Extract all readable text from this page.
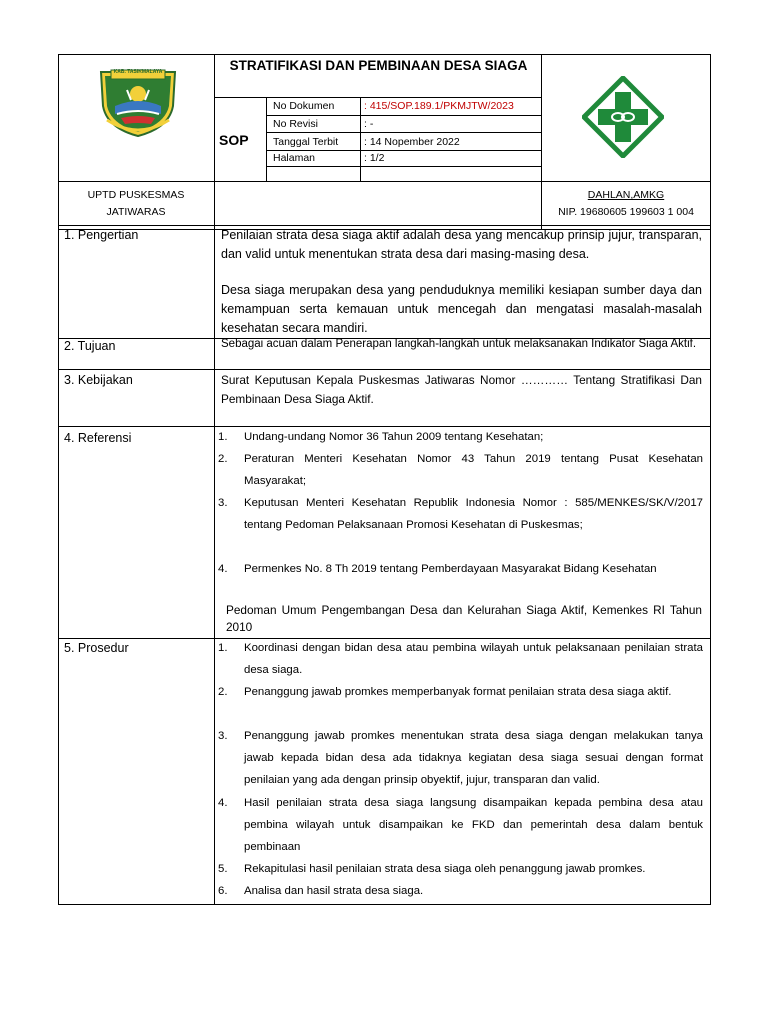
KAB. TASIKMALAYA	STRATIFIKASI DAN PEMBINAAN DESA SIAGA
SOP
No Dokumen	: 415/SOP.189.1/PKMJTW/2023
No Revisi	: -
Tanggal Terbit : 14 Nopember 2022
Halaman	: 1/2
UPTD PUSKESMAS
JATIWARAS
DAHLAN,AMKG
NIP. 19680605 199603 1 004
1. Pengertian	Penilaian strata desa siaga aktif adalah desa yang mencakup prinsip jujur, transparan, dan valid untuk menentukan strata desa dari masing-masing desa.
Desa siaga merupakan desa yang penduduknya memiliki kesiapan sumber daya dan kemampuan serta kemauan untuk mencegah dan mengatasi masalah-masalah kesehatan secara mandiri.
2. Tujuan	Sebagai acuan dalam Penerapan langkah-langkah untuk melaksanakan Indikator Siaga Aktif.
3. Kebijakan	Surat Keputusan Kepala Puskesmas Jatiwaras Nomor ………… Tentang Stratifikasi Dan Pembinaan Desa Siaga Aktif.
4. Referensi	1. Undang-undang Nomor 36 Tahun 2009 tentang Kesehatan;
2. Peraturan Menteri Kesehatan Nomor 43 Tahun 2019 tentang Pusat Kesehatan Masyarakat;
3. Keputusan Menteri Kesehatan Republik Indonesia Nomor : 585/MENKES/SK/V/2017 tentang Pedoman Pelaksanaan Promosi Kesehatan di Puskesmas;
4. Permenkes No. 8 Th 2019 tentang Pemberdayaan Masyarakat Bidang Kesehatan
Pedoman Umum Pengembangan Desa dan Kelurahan Siaga Aktif, Kemenkes RI Tahun 2010
5. Prosedur	1. Koordinasi dengan bidan desa atau pembina wilayah untuk pelaksanaan penilaian strata desa siaga.
2. Penanggung jawab promkes memperbanyak format penilaian strata desa siaga aktif.
3. Penanggung jawab promkes menentukan strata desa siaga dengan melakukan tanya jawab kepada bidan desa ada tidaknya kegiatan desa siaga sesuai dengan format penilaian yang ada dengan prinsip obyektif, jujur, transparan dan valid.
4. Hasil penilaian strata desa siaga langsung disampaikan kepada pembina desa atau pembina wilayah untuk disampaikan ke FKD dan pemerintah desa dalam bentuk pembinaan
5. Rekapitulasi hasil penilaian strata desa siaga oleh penanggung jawab promkes.
6. Analisa dan hasil strata desa siaga.
